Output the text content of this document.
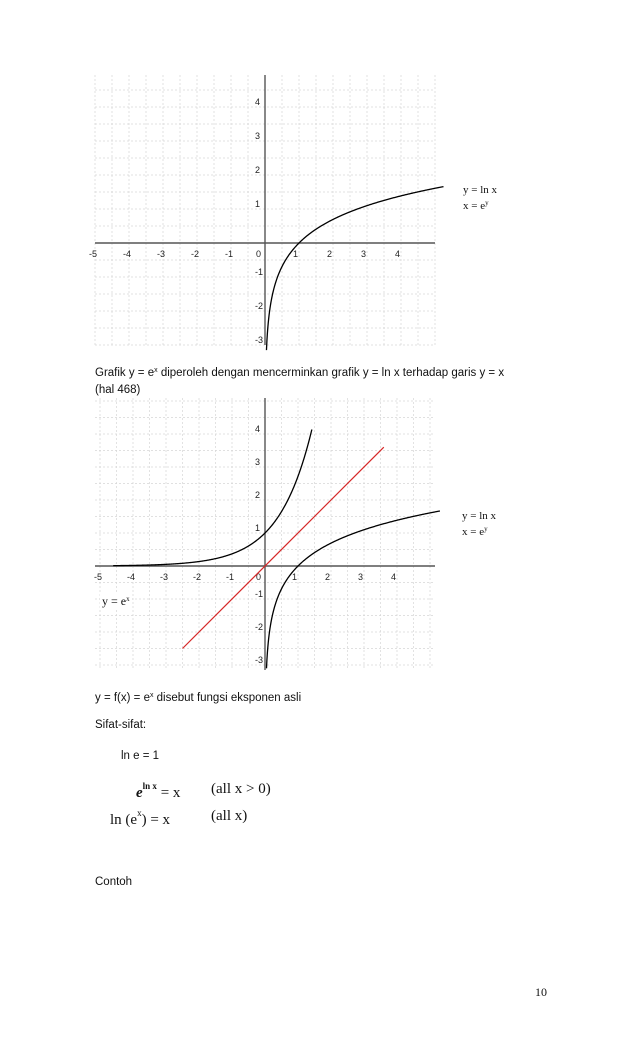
-5	-4	-3	-2	-1	0	1	2	3	4
4
3
2
1
-1
-2
-3
y = ln x
$x = e^y$
Grafik $y = e^x$ diperoleh dengan mencerminkan grafik y = ln x terhadap garis y = x
(hal 468)
-5	-4	-3	-2	-1 0	1	2	3	4
4
3
2
1
-1
-2
-3
y = ln x
$x = e^y$
$y = e^x$
$y = f(x) = e^x$ disebut fungsi eksponen asli
Sifat-sifat:
ln e = 1
$e^{ln x} = x$ (all x > 0)
$\ln (e^x) = x$	(all x)
Contoh
10
